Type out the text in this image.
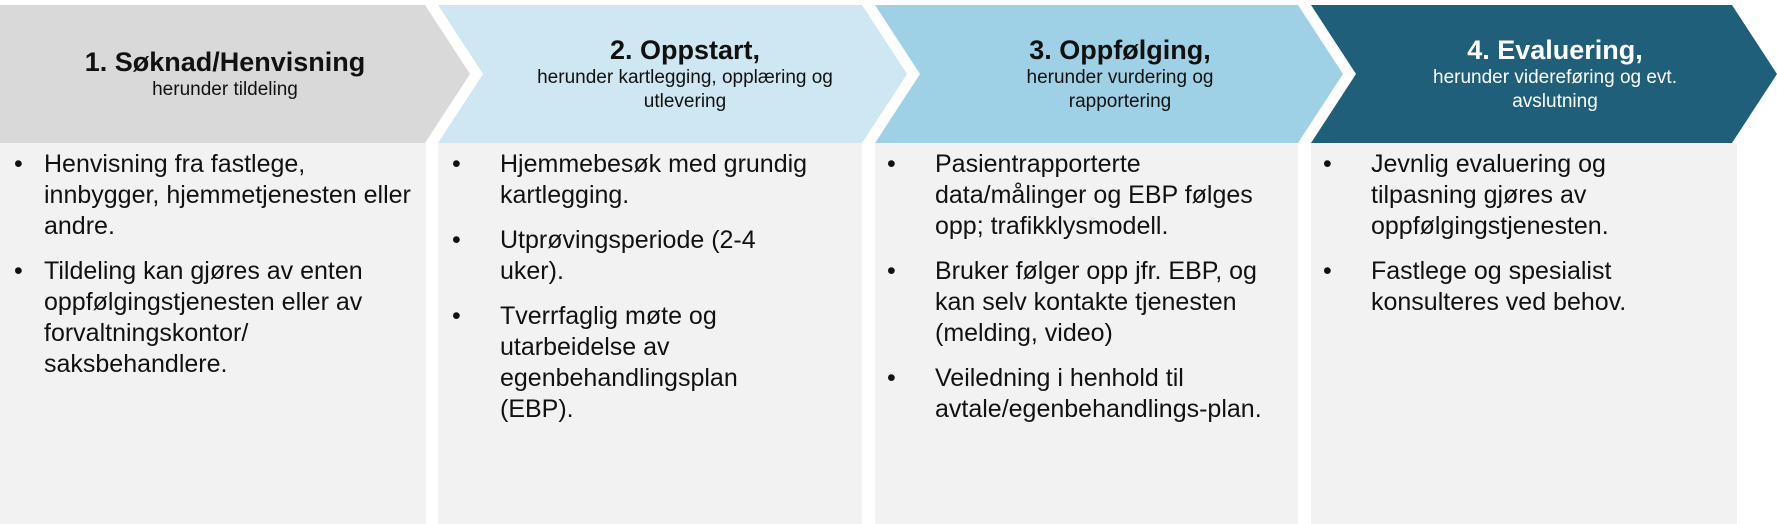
1. Søknad/Henvisning
herunder tildeling
2. Oppstart,
herunder kartlegging, opplæring og utlevering
3. Oppfølging,
herunder vurdering og rapportering
4. Evaluering,
herunder videreføring og evt. avslutning
• Henvisning fra fastlege, innbygger, hjemmetjenesten eller andre.
• Tildeling kan gjøres av enten oppfølgingstjenesten eller av forvaltningskontor/ saksbehandlere.
• Hjemmebesøk med grundig kartlegging.
• Utprøvingsperiode (2-4 uker).
• Tverrfaglig møte og utarbeidelse av egenbehandlingsplan (EBP).
• Pasientrapporterte data/målinger og EBP følges opp; trafikklysmodell.
• Bruker følger opp jfr. EBP, og kan selv kontakte tjenesten (melding, video)
• Veiledning i henhold til avtale/egenbehandlings-plan.
• Jevnlig evaluering og tilpasning gjøres av oppfølgingstjenesten.
• Fastlege og spesialist konsulteres ved behov.
